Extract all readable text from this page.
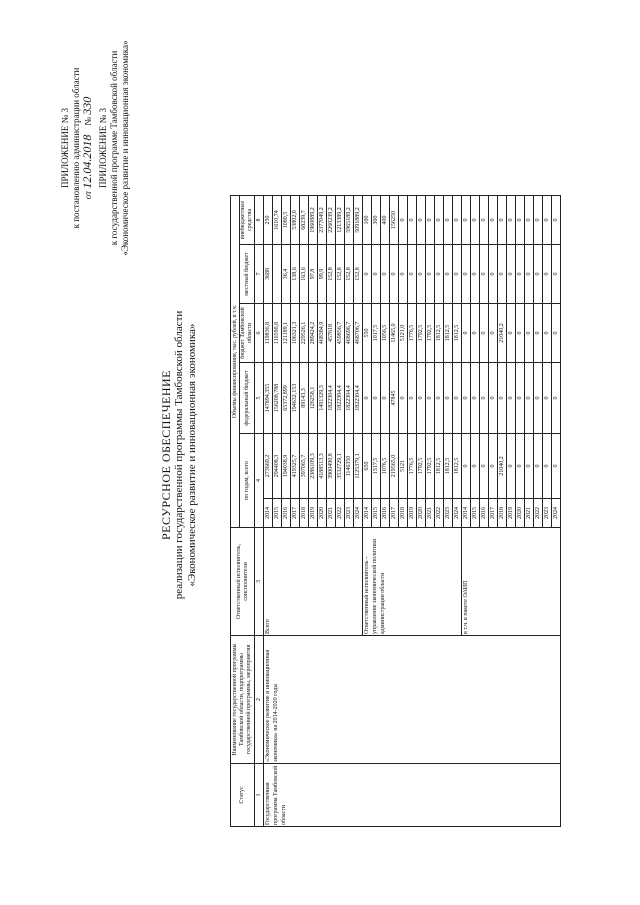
ПРИЛОЖЕНИЕ № 3 к постановлению администрации области от 12.04.2018    № 330
ПРИЛОЖЕНИЕ № 3 к государственной программе Тамбовской области «Экономическое развитие и инновационная экономика»
РЕСУРСНОЕ ОБЕСПЕЧЕНИЕ реализации государственной программы Тамбовской области «Экономическое развитие и инновационная экономика»
Статус	Наименование государственной программы Тамбовской области, подпрограммы государственной программы, мероприятия	Ответственный исполнитель, соисполнители	Объемы финансирования, тыс. рублей, в т.ч.					
			по годам, всего		федеральный бюджет	бюджет Тамбовской области	местный бюджет	внебюджетные средства
1	2	3	4		5	6	7	8
Государственная программа Тамбовской области	«Экономическое развитие и инновационная экономика» на 2014-2020 годы	Всего	2014	273669,2	147894,355	119836,8	3688	250
			2015	294408,3	156208,788	116590,8		1610,74
			2016	194038,9	65372,899	121189,1	36,4	1080,5
			2017	419325,7	194632,153	106321,3	138,6	53802,0
			2018	397065,7	89143,3	229526,1	163,6	68239,7
			2019	2386109,3	126258,1	289424,2	97,8	1960889,2
			2020	4188513,3	1491329,3	468384,9	99,9	2377049,2
			2021	3900490,8	1822304,4	457618	152,8	2260239,2
			2022	3532729,1	1822304,4	459856,7	152,8	1213389,2
			2023	1146350	1822304,4	468696,7	152,8	5965189,2
			2024	1125379,1	1822304,4	468706,7	152,8	5091889,2
		Ответственный исполнитель – управление экономической политики администрации области	2014	650	0	550	0	100
			2015	1317,5	0	1017,5	0	300
			2016	1076,5	0	1056,5	0	400
			2017	219565,0	47845	11465,0	0	156250
			2018	5121	0	5121,0	0	0
			2019	1776,5	0	1776,5	0	0
			2020	1792,5	0	1792,5	0	0
			2021	1792,5	0	1792,5	0	0
			2022	1812,5	0	1812,5	0	0
			2023	1812,5	0	1812,5	0	0
			2024	1812,5	0	1812,5	0	0
		в т.ч. в пакете ОАИП	2014	0	0	0	0	0
			2015	0	0	0	0	0
			2016	0	0	0	0	0
			2017	0	0	0	0	0
			2018	21040,2	0	21040,2	0	0
			2019	0	0	0	0	0
			2020	0	0	0	0	0
			2021	0	0	0	0	0
			2022	0	0	0	0	0
			2023	0	0	0	0	0
			2024	0	0	0	0	0
